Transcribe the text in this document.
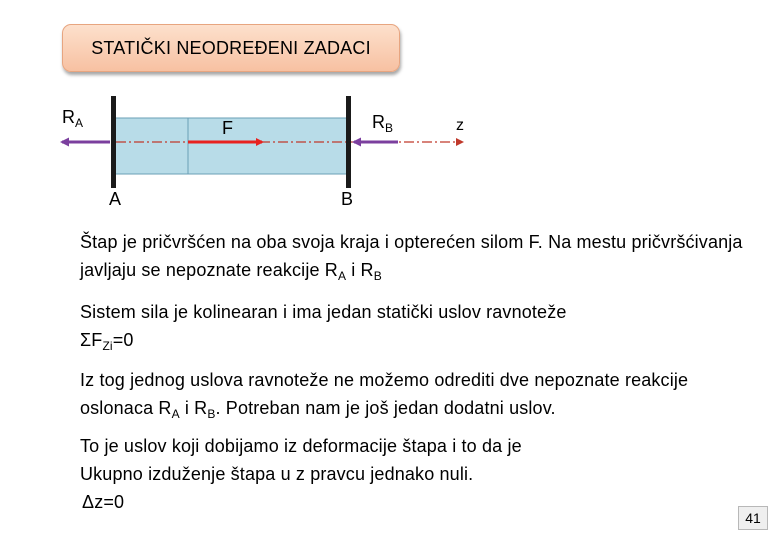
STATIČKI NEODREĐENI ZADACI
$R_A$	F	$R_B$	z
A	B
Štap je pričvršćen na oba svoja kraja i opterećen silom F. Na mestu pričvršćivanja javljaju se nepoznate reakcije $R_A$ i $R_B$
Sistem sila je kolinearan i ima jedan statički uslov ravnoteže
$\Sigma F_{Zi}=0$
Iz tog jednog uslova ravnoteže ne možemo odrediti dve nepoznate reakcije oslonaca $R_A$ i $R_B$. Potreban nam je još jedan dodatni uslov.
To je uslov koji dobijamo iz deformacije štapa i to da je
Ukupno izduženje štapa u z pravcu jednako nuli.
Δz=0
41
